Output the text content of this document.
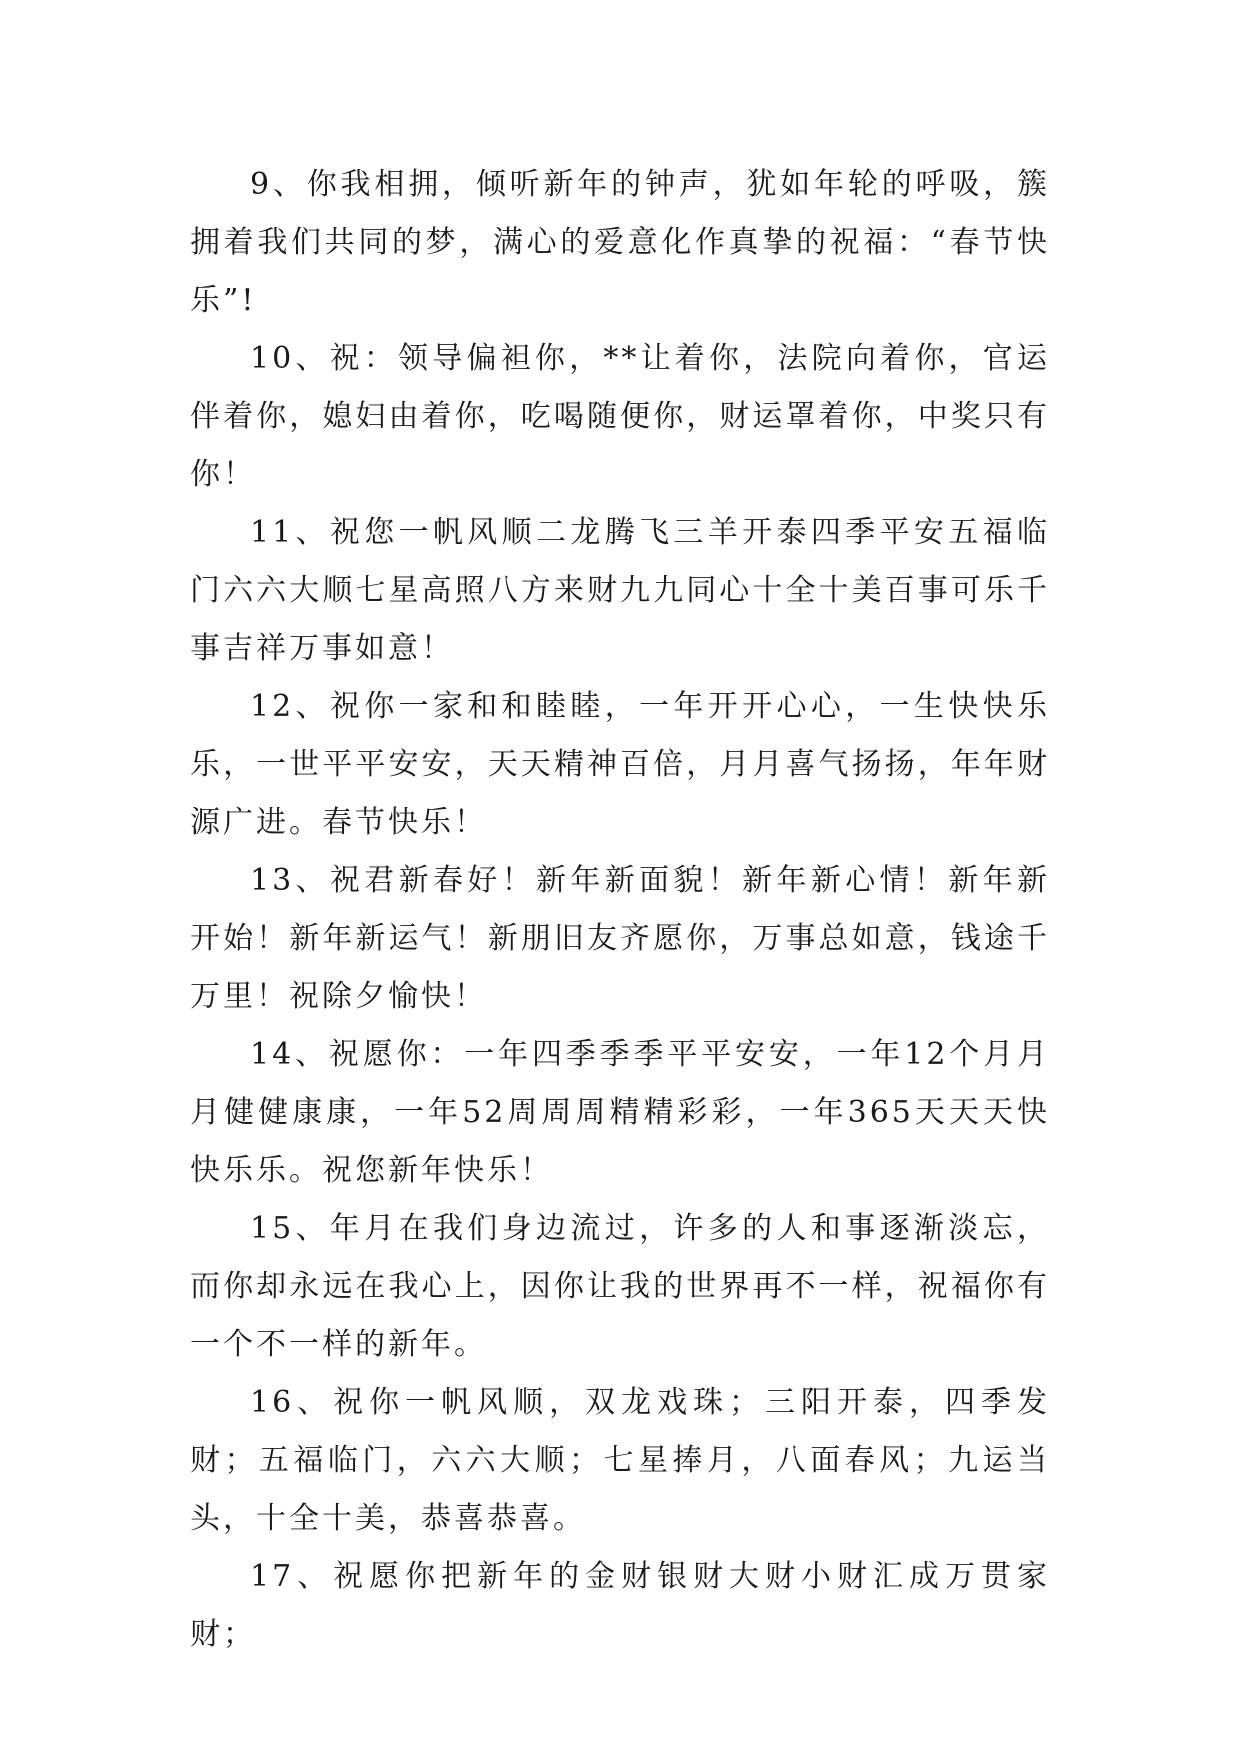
9、你我相拥，倾听新年的钟声，犹如年轮的呼吸，簇拥着我们共同的梦，满心的爱意化作真挚的祝福：“春节快乐”!

10、祝：领导偏袒你，**让着你，法院向着你，官运伴着你，媳妇由着你，吃喝随便你，财运罩着你，中奖只有你！

11、祝您一帆风顺二龙腾飞三羊开泰四季平安五福临门六六大顺七星高照八方来财九九同心十全十美百事可乐千事吉祥万事如意！

12、祝你一家和和睦睦，一年开开心心，一生快快乐乐，一世平平安安，天天精神百倍，月月喜气扬扬，年年财源广进。春节快乐！

13、祝君新春好！新年新面貌！新年新心情！新年新开始！新年新运气！新朋旧友齐愿你，万事总如意，钱途千万里！祝除夕愉快！

14、祝愿你：一年四季季季平平安安，一年12个月月月健健康康，一年52周周周精精彩彩，一年365天天天快快乐乐。祝您新年快乐！

15、年月在我们身边流过，许多的人和事逐渐淡忘，而你却永远在我心上，因你让我的世界再不一样，祝福你有一个不一样的新年。

16、祝你一帆风顺，双龙戏珠；三阳开泰，四季发财；五福临门，六六大顺；七星捧月，八面春风；九运当头，十全十美，恭喜恭喜。

17、祝愿你把新年的金财银财大财小财汇成万贯家财；
